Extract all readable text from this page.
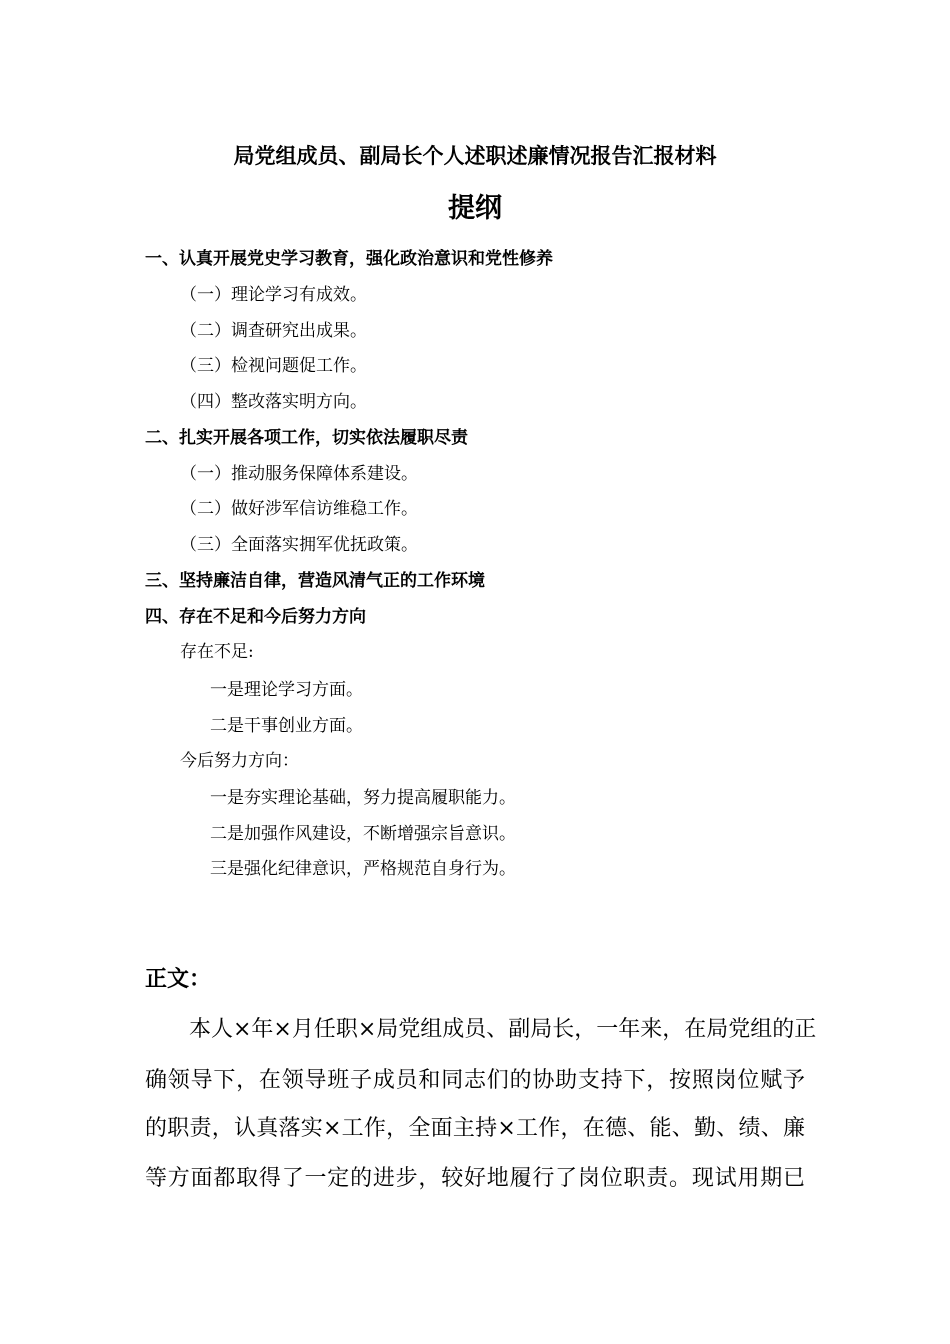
局党组成员、副局长个人述职述廉情况报告汇报材料
提纲
一、认真开展党史学习教育，强化政治意识和党性修养
（一）理论学习有成效。
（二）调查研究出成果。
（三）检视问题促工作。
（四）整改落实明方向。
二、扎实开展各项工作，切实依法履职尽责
（一）推动服务保障体系建设。
（二）做好涉军信访维稳工作。
（三）全面落实拥军优抚政策。
三、坚持廉洁自律，营造风清气正的工作环境
四、存在不足和今后努力方向
存在不足:
一是理论学习方面。
二是干事创业方面。
今后努力方向：
一是夯实理论基础，努力提高履职能力。
二是加强作风建设，不断增强宗旨意识。
三是强化纪律意识，严格规范自身行为。
正文：
本人×年×月任职×局党组成员、副局长，一年来，在局党组的正
确领导下，在领导班子成员和同志们的协助支持下，按照岗位赋予
的职责，认真落实×工作，全面主持×工作，在德、能、勤、绩、廉
等方面都取得了一定的进步，较好地履行了岗位职责。现试用期已
